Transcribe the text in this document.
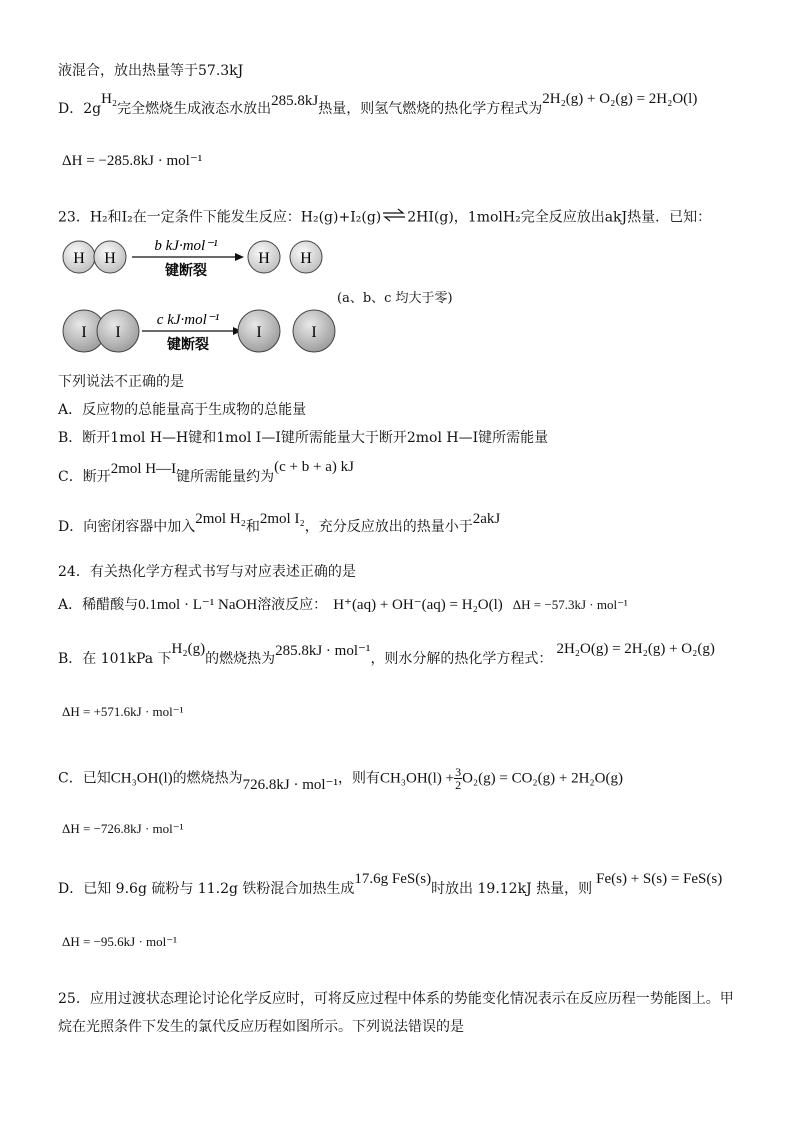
液混合，放出热量等于57.3kJ
D．2gH₂完全燃烧生成液态水放出285.8kJ热量，则氢气燃烧的热化学方程式为2H₂(g) + O₂(g) = 2H₂O(l)
ΔH = −285.8kJ · mol⁻¹
23．H₂和I₂在一定条件下能发生反应：H₂(g)+I₂(g)⇌2HI(g)，1molH₂完全反应放出akJ热量．已知：
H H
b kJ·mol⁻¹
键断裂
H H
I I
c kJ·mol⁻¹
键断裂
I	I
(a、b、c 均大于零)
下列说法不正确的是
A．反应物的总能量高于生成物的总能量
B．断开1mol H—H键和1mol I—I键所需能量大于断开2mol H—I键所需能量
C．断开2mol H—I键所需能量约为(c + b + a) kJ
D．向密闭容器中加入2mol H₂和2mol I₂，充分反应放出的热量小于2akJ
24．有关热化学方程式书写与对应表述正确的是
A．稀醋酸与0.1mol · L⁻¹ NaOH溶液反应： H⁺(aq) + OH⁻(aq) = H₂O(l) ΔH = −57.3kJ · mol⁻¹
B．在 101kPa 下H₂(g)的燃烧热为285.8kJ · mol⁻¹，则水分解的热化学方程式：2H₂O(g) = 2H₂(g) + O₂(g)
ΔH = +571.6kJ · mol⁻¹
C．已知CH₃OH(l)的燃烧热为726.8kJ · mol⁻¹，则有$CH_3OH(l) + \frac{3}{2} O_2(g) = CO_2(g) + 2H_2O(g)$
ΔH = −726.8kJ · mol⁻¹
D．已知 9.6g 硫粉与 11.2g 铁粉混合加热生成17.6g FeS(s)时放出 19.12kJ 热量，则Fe(s) + S(s) = FeS(s)
ΔH = −95.6kJ · mol⁻¹
25．应用过渡状态理论讨论化学反应时，可将反应过程中体系的势能变化情况表示在反应历程一势能图上。甲
烷在光照条件下发生的氯代反应历程如图所示。下列说法错误的是
